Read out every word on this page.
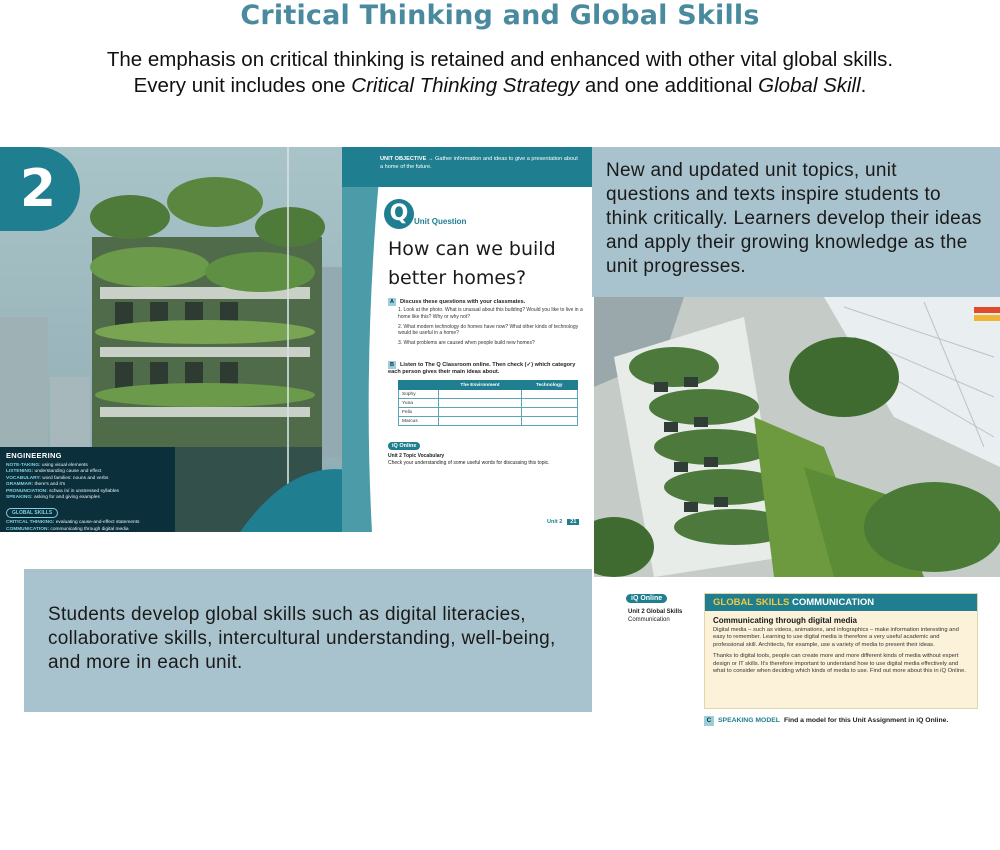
Critical Thinking and Global Skills
The emphasis on critical thinking is retained and enhanced with other vital global skills.
Every unit includes one Critical Thinking Strategy and one additional Global Skill.
2
ENGINEERING
NOTE-TAKING: using visual elements
LISTENING: understanding cause and effect
VOCABULARY: word families: nouns and verbs
GRAMMAR: there's and it's
PRONUNCIATION: schwa /ə/ in unstressed syllables
SPEAKING: asking for and giving examples
GLOBAL SKILLS
CRITICAL THINKING: evaluating cause-and-effect statements
COMMUNICATION: communicating through digital media
UNIT OBJECTIVE → Gather information and ideas to give a presentation about a home of the future.
Q Unit Question
How can we build better homes?
A Discuss these questions with your classmates.
1. Look at the photo. What is unusual about this building? Would you like to live in a home like this? Why or why not?
2. What modern technology do homes have now? What other kinds of technology would be useful in a home?
3. What problems are caused when people build new homes?
B Listen to The Q Classroom online. Then check (✓) which category each person gives their main ideas about.
	The Environment	Technology
Sophy		
Yuna		
Felix		
Marcus		
iQ Online
Unit 2 Topic Vocabulary
Check your understanding of some useful words for discussing this topic.
Unit 2 21
New and updated unit topics, unit questions and texts inspire students to think critically. Learners develop their ideas and apply their growing knowledge as the unit progresses.
Students develop global skills such as digital literacies, collaborative skills, intercultural understanding, well-being, and more in each unit.
iQ Online
Unit 2 Global Skills
Communication
GLOBAL SKILLS COMMUNICATION
Communicating through digital media
Digital media – such as videos, animations, and infographics – make information interesting and easy to remember. Learning to use digital media is therefore a very useful academic and professional skill. Architects, for example, use a variety of media to present their ideas.
Thanks to digital tools, people can create more and more different kinds of media without expert design or IT skills. It's therefore important to understand how to use digital media effectively and what to consider when deciding which kinds of media to use. Find out more about this in iQ Online.
C SPEAKING MODEL Find a model for this Unit Assignment in iQ Online.
